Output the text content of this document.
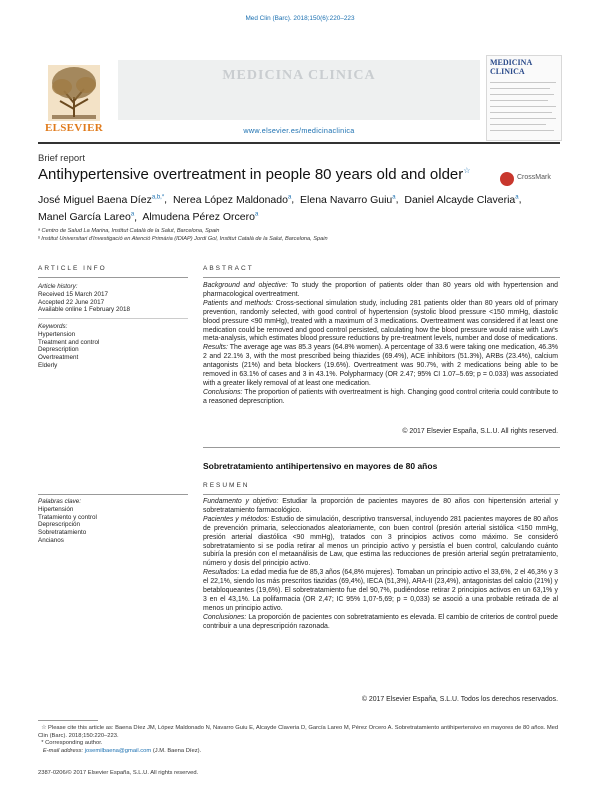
Med Clin (Barc). 2018;150(6):220–223
ELSEVIER
MEDICINA CLINICA
www.elsevier.es/medicinaclinica
MEDICINA
CLINICA
Brief report
Antihypertensive overtreatment in people 80 years old and older☆
CrossMark
José Miguel Baena Díez$^{a,b,*}$,  Nerea López Maldonado$^a$,  Elena Navarro Guiu$^a$,  Daniel Alcayde Claveria$^a$,
Manel García Lareo$^a$,  Almudena Pérez Orcero$^a$
ᵃ Centro de Salud La Marina, Institut Català de la Salut, Barcelona, Spain
ᵇ Institut Universitari d'Investigació en Atenció Primària (IDIAP) Jordi Gol, Institut Català de la Salut, Barcelona, Spain
ARTICLE INFO	ABSTRACT
Article history:
Received 15 March 2017
Accepted 22 June 2017
Available online 1 February 2018
Keywords:
Hypertension
Treatment and control
Deprescription
Overtreatment
Elderly

Background and objective: To study the proportion of patients older than 80 years old with hypertension and pharmacological overtreatment.

Patients and methods: Cross-sectional simulation study, including 281 patients older than 80 years old of primary prevention, randomly selected, with good control of hypertension (systolic blood pressure <150 mmHg, diastolic blood pressure <90 mmHg), treated with a maximum of 3 medications. Overtreatment was considered if at least one medication could be removed and good control persisted, calculating how the blood pressure would raise with Law's meta-analysis, which estimates blood pressure reductions by pre-treatment levels, number and dose of medications.

Results: The average age was 85.3 years (64.8% women). A percentage of 33.6 were taking one medication, 46.3% 2 and 22.1% 3, with the most prescribed being thiazides (69.4%), ACE inhibitors (51.3%), ARBs (23.4%), calcium antagonists (21%) and beta blockers (19.6%). Overtreatment was 90.7%, with 2 medications being able to be removed in 63.1% of cases and 3 in 43.1%. Polypharmacy (OR 2.47; 95% CI 1.07–5.69; p = 0.033) was associated with a greater likely removal of at least one medication.

Conclusions: The proportion of patients with overtreatment is high. Changing good control criteria could contribute to a reasoned deprescription.

© 2017 Elsevier España, S.L.U. All rights reserved.
Sobretratamiento antihipertensivo en mayores de 80 años
RESUMEN
Palabras clave:
Hipertensión
Tratamiento y control
Deprescripción
Sobretratamiento
Ancianos

Fundamento y objetivo: Estudiar la proporción de pacientes mayores de 80 años con hipertensión arterial y sobretratamiento farmacológico.

Pacientes y métodos: Estudio de simulación, descriptivo transversal, incluyendo 281 pacientes mayores de 80 años de prevención primaria, seleccionados aleatoriamente, con buen control (presión arterial sistólica <150 mmHg, presión arterial diastólica <90 mmHg), tratados con 3 principios activos como máximo. Se consideró sobretratamiento si se podía retirar al menos un principio activo y persistía el buen control, calculando cuánto subiría la presión con el metaanálisis de Law, que estima las reducciones de presión arterial según pretratamiento, número y dosis del principio activo.

Resultados: La edad media fue de 85,3 años (64,8% mujeres). Tomaban un principio activo el 33,6%, 2 el 46,3% y 3 el 22,1%, siendo los más prescritos tiazidas (69,4%), IECA (51,3%), ARA-II (23,4%), antagonistas del calcio (21%) y betabloqueantes (19,6%). El sobretratamiento fue del 90,7%, pudiéndose retirar 2 principios activos en un 63,1% y 3 en el 43,1%. La polifarmacia (OR 2,47; IC 95% 1,07-5,69; p = 0,033) se asoció a una probable retirada de al menos un principio activo.

Conclusiones: La proporción de pacientes con sobretratamiento es elevada. El cambio de criterios de control puede contribuir a una deprescripción razonada.

© 2017 Elsevier España, S.L.U. Todos los derechos reservados.

☆ Please cite this article as: Baena Díez JM, López Maldonado N, Navarro Guiu E, Alcayde Claveria D, García Lareo M, Pérez Orcero A. Sobretratamiento antihipertensivo en mayores de 80 años. Med Clin (Barc). 2018;150:220–223.

* Corresponding author.

E-mail address: josemilbaena@gmail.com (J.M. Baena Díez).

2387-0206/© 2017 Elsevier España, S.L.U. All rights reserved.
